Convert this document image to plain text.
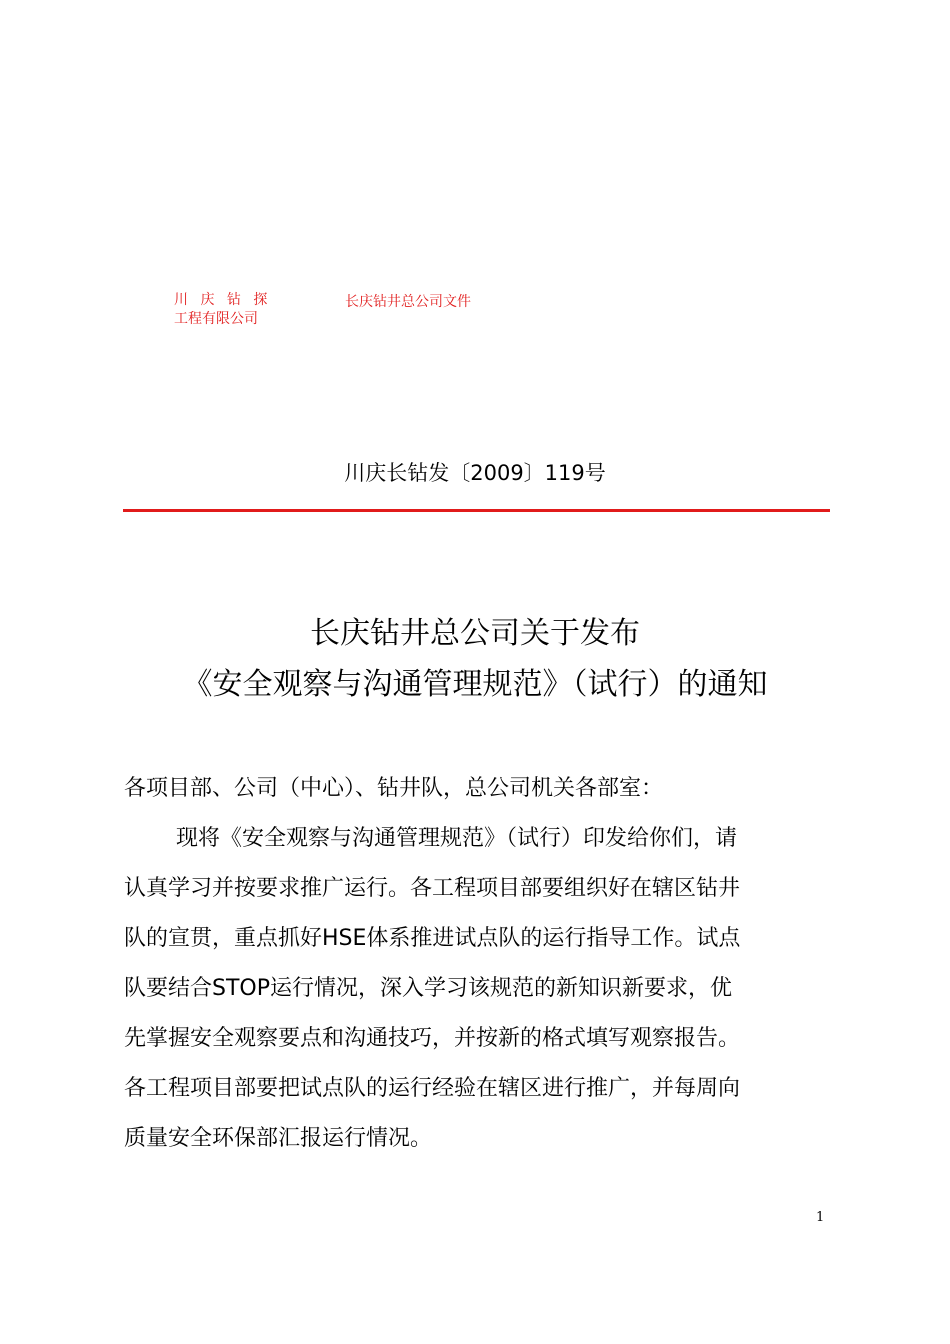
川 庆 钻 探
工程有限公司
长庆钻井总公司文件
川庆长钻发〔2009〕119号
长庆钻井总公司关于发布
《安全观察与沟通管理规范》（试行）的通知
各项目部、公司（中心）、钻井队，总公司机关各部室：
现将《安全观察与沟通管理规范》（试行）印发给你们，请
认真学习并按要求推广运行。各工程项目部要组织好在辖区钻井
队的宣贯，重点抓好HSE体系推进试点队的运行指导工作。试点
队要结合STOP运行情况，深入学习该规范的新知识新要求，优
先掌握安全观察要点和沟通技巧，并按新的格式填写观察报告。
各工程项目部要把试点队的运行经验在辖区进行推广，并每周向
质量安全环保部汇报运行情况。
1
